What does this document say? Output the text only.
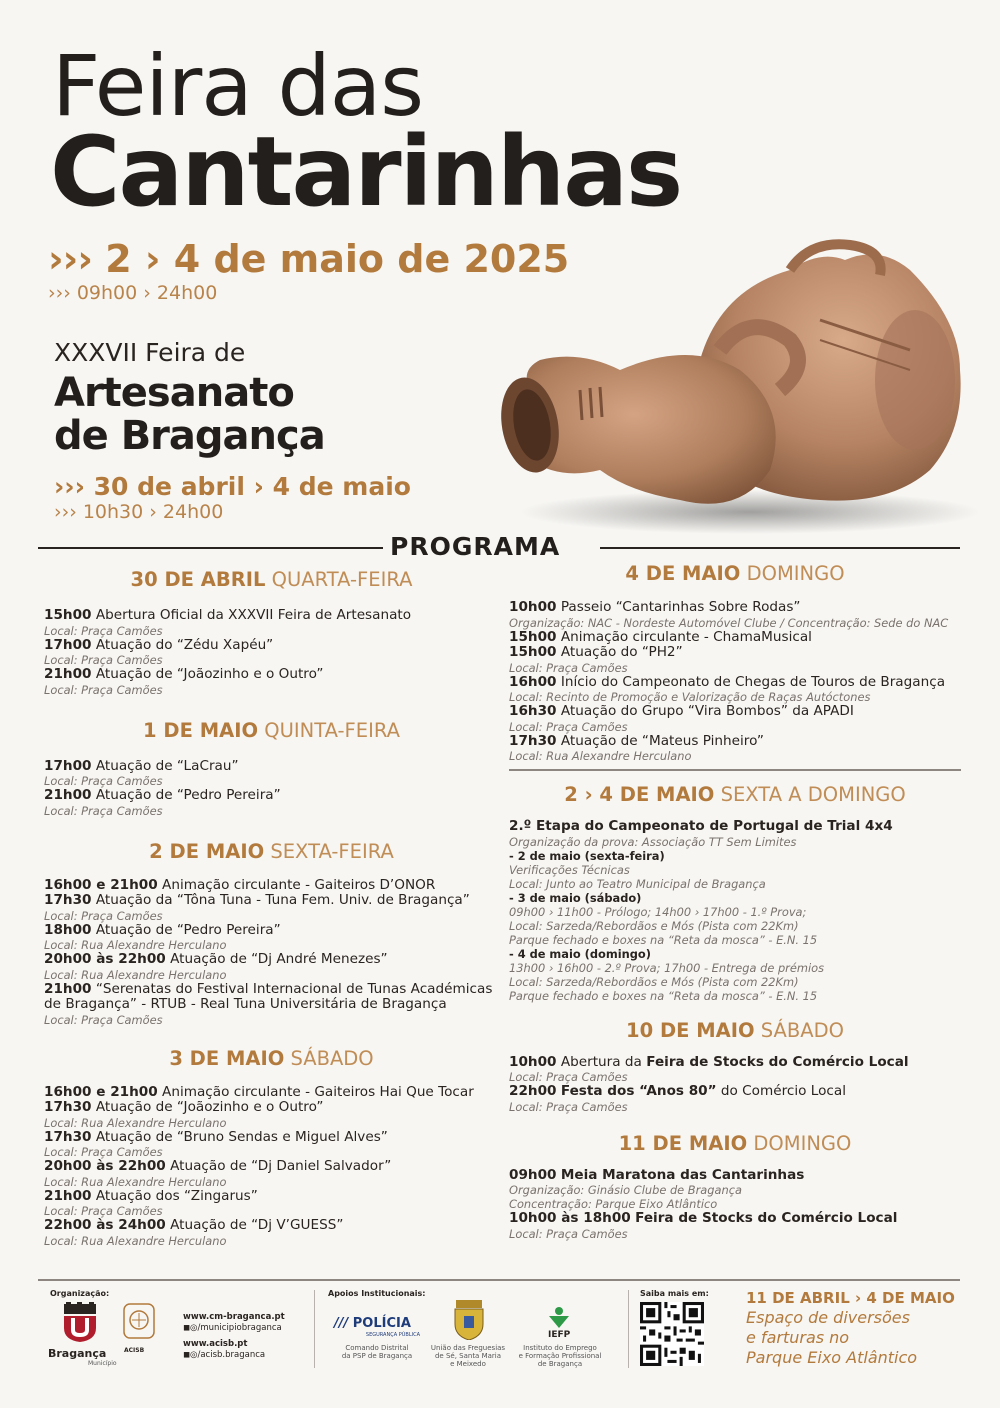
Feira das
Cantarinhas
››› 2 › 4 de maio de 2025
››› 09h00 › 24h00
XXXVII Feira de
Artesanato
de Bragança
››› 30 de abril › 4 de maio
››› 10h30 › 24h00
PROGRAMA
30 DE ABRIL QUARTA-FEIRA
15h00 Abertura Oficial da XXXVII Feira de Artesanato
Local: Praça Camões
17h00 Atuação do “Zédu Xapéu”
Local: Praça Camões
21h00 Atuação de “Joãozinho e o Outro”
Local: Praça Camões
1 DE MAIO QUINTA-FEIRA
17h00 Atuação de “LaCrau”
Local: Praça Camões
21h00 Atuação de “Pedro Pereira”
Local: Praça Camões
2 DE MAIO SEXTA-FEIRA
16h00 e 21h00 Animação circulante - Gaiteiros D’ONOR
17h30 Atuação da “Tôna Tuna - Tuna Fem. Univ. de Bragança”
Local: Praça Camões
18h00 Atuação de “Pedro Pereira”
Local: Rua Alexandre Herculano
20h00 às 22h00 Atuação de “Dj André Menezes”
Local: Rua Alexandre Herculano
21h00 “Serenatas do Festival Internacional de Tunas Académicas
de Bragança” - RTUB - Real Tuna Universitária de Bragança
Local: Praça Camões
3 DE MAIO SÁBADO
16h00 e 21h00 Animação circulante - Gaiteiros Hai Que Tocar
17h30 Atuação de “Joãozinho e o Outro”
Local: Rua Alexandre Herculano
17h30 Atuação de “Bruno Sendas e Miguel Alves”
Local: Praça Camões
20h00 às 22h00 Atuação de “Dj Daniel Salvador”
Local: Rua Alexandre Herculano
21h00 Atuação dos “Zingarus”
Local: Praça Camões
22h00 às 24h00 Atuação de “Dj V’GUESS”
Local: Rua Alexandre Herculano
4 DE MAIO DOMINGO
10h00 Passeio “Cantarinhas Sobre Rodas”
Organização: NAC - Nordeste Automóvel Clube / Concentração: Sede do NAC
15h00 Animação circulante - ChamaMusical
15h00 Atuação do “PH2”
Local: Praça Camões
16h00 Início do Campeonato de Chegas de Touros de Bragança
Local: Recinto de Promoção e Valorização de Raças Autóctones
16h30 Atuação do Grupo “Vira Bombos” da APADI
Local: Praça Camões
17h30 Atuação de “Mateus Pinheiro”
Local: Rua Alexandre Herculano
2 › 4 DE MAIO SEXTA A DOMINGO
2.º Etapa do Campeonato de Portugal de Trial 4x4
Organização da prova: Associação TT Sem Limites
- 2 de maio (sexta-feira)
Verificações Técnicas
Local: Junto ao Teatro Municipal de Bragança
- 3 de maio (sábado)
09h00 › 11h00 - Prólogo; 14h00 › 17h00 - 1.º Prova;
Local: Sarzeda/Rebordãos e Mós (Pista com 22Km)
Parque fechado e boxes na “Reta da mosca” - E.N. 15
- 4 de maio (domingo)
13h00 › 16h00 - 2.º Prova; 17h00 - Entrega de prémios
Local: Sarzeda/Rebordãos e Mós (Pista com 22Km)
Parque fechado e boxes na “Reta da mosca” - E.N. 15
10 DE MAIO SÁBADO
10h00 Abertura da Feira de Stocks do Comércio Local
Local: Praça Camões
22h00 Festa dos “Anos 80” do Comércio Local
Local: Praça Camões
11 DE MAIO DOMINGO
09h00 Meia Maratona das Cantarinhas
Organização: Ginásio Clube de Bragança
Concentração: Parque Eixo Atlântico
10h00 às 18h00 Feira de Stocks do Comércio Local
Local: Praça Camões
Organização:
Bragança
Município
ACISB
www.cm-braganca.pt
◼◎/municipiobraganca
www.acisb.pt
◼◎/acisb.braganca
Apoios Institucionais:
/// POLÍCIA
SEGURANÇA PÚBLICA
Comando Distrital
da PSP de Bragança
União das Freguesias
de Sé, Santa Maria
e Meixedo
IEFP
Instituto do Emprego
e Formação Profissional
de Bragança
Saiba mais em: 11 DE ABRIL › 4 DE MAIO
Espaço de diversões
e farturas no
Parque Eixo Atlântico
